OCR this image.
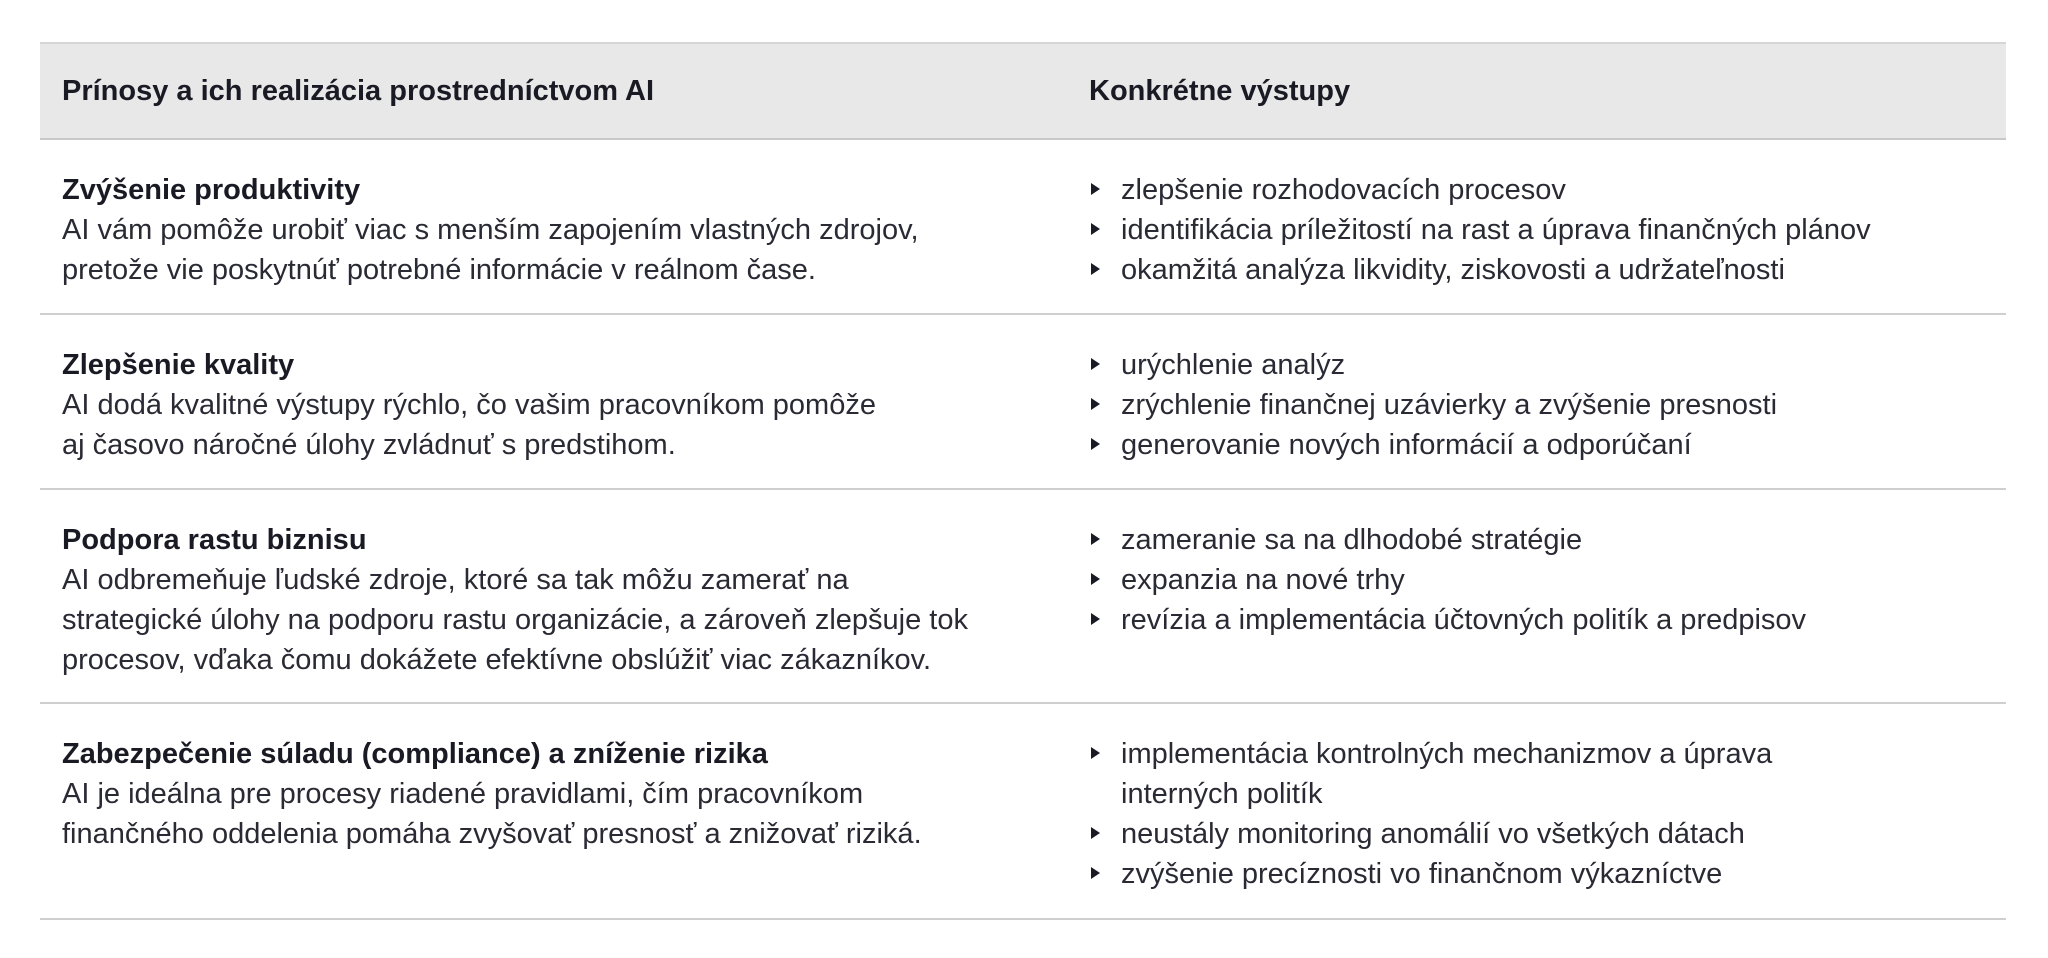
Prínosy a ich realizácia prostredníctvom AI	Konkrétne výstupy

Zvýšenie produktivity

AI vám pomôže urobiť viac s menším zapojením vlastných zdrojov,
pretože vie poskytnúť potrebné informácie v reálnom čase.

zlepšenie rozhodovacích procesov
identifikácia príležitostí na rast a úprava finančných plánov
okamžitá analýza likvidity, ziskovosti a udržateľnosti

Zlepšenie kvality

AI dodá kvalitné výstupy rýchlo, čo vašim pracovníkom pomôže
aj časovo náročné úlohy zvládnuť s predstihom.

urýchlenie analýz
zrýchlenie finančnej uzávierky a zvýšenie presnosti
generovanie nových informácií a odporúčaní

Podpora rastu biznisu

AI odbremeňuje ľudské zdroje, ktoré sa tak môžu zamerať na
strategické úlohy na podporu rastu organizácie, a zároveň zlepšuje tok
procesov, vďaka čomu dokážete efektívne obslúžiť viac zákazníkov.

zameranie sa na dlhodobé stratégie
expanzia na nové trhy
revízia a implementácia účtovných politík a predpisov

Zabezpečenie súladu (compliance) a zníženie rizika

AI je ideálna pre procesy riadené pravidlami, čím pracovníkom
finančného oddelenia pomáha zvyšovať presnosť a znižovať riziká.

implementácia kontrolných mechanizmov a úprava
interných politík
neustály monitoring anomálií vo všetkých dátach
zvýšenie precíznosti vo finančnom výkazníctve
